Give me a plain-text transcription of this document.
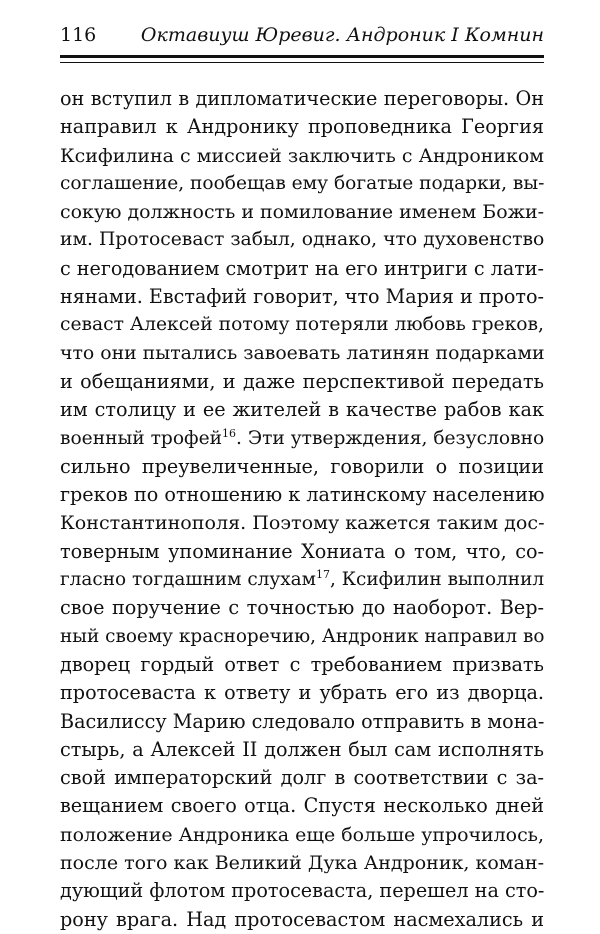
116 Октавиуш Юревиг. Андроник I Комнин
он вступил в дипломатические переговоры. Он
направил к Андронику проповедника Георгия
Ксифилина с миссией заключить с Андроником
соглашение, пообещав ему богатые подарки, вы-
сокую должность и помилование именем Божи-
им. Протосеваст забыл, однако, что духовенство
с негодованием смотрит на его интриги с лати-
нянами. Евстафий говорит, что Мария и прото-
севаст Алексей потому потеряли любовь греков,
что они пытались завоевать латинян подарками
и обещаниями, и даже перспективой передать
им столицу и ее жителей в качестве рабов как
военный трофей$^{16}$. Эти утверждения, безусловно
сильно преувеличенные, говорили о позиции
греков по отношению к латинскому населению
Константинополя. Поэтому кажется таким дос-
товерным упоминание Хониата о том, что, со-
гласно тогдашним слухам$^{17}$, Ксифилин выполнил
свое поручение с точностью до наоборот. Вер-
ный своему красноречию, Андроник направил во
дворец гордый ответ с требованием призвать
протосеваста к ответу и убрать его из дворца.
Василиссу Марию следовало отправить в мона-
стырь, а Алексей II должен был сам исполнять
свой императорский долг в соответствии с за-
вещанием своего отца. Спустя несколько дней
положение Андроника еще больше упрочилось,
после того как Великий Дука Андроник, коман-
дующий флотом протосеваста, перешел на сто-
рону врага. Над протосевастом насмехались и
